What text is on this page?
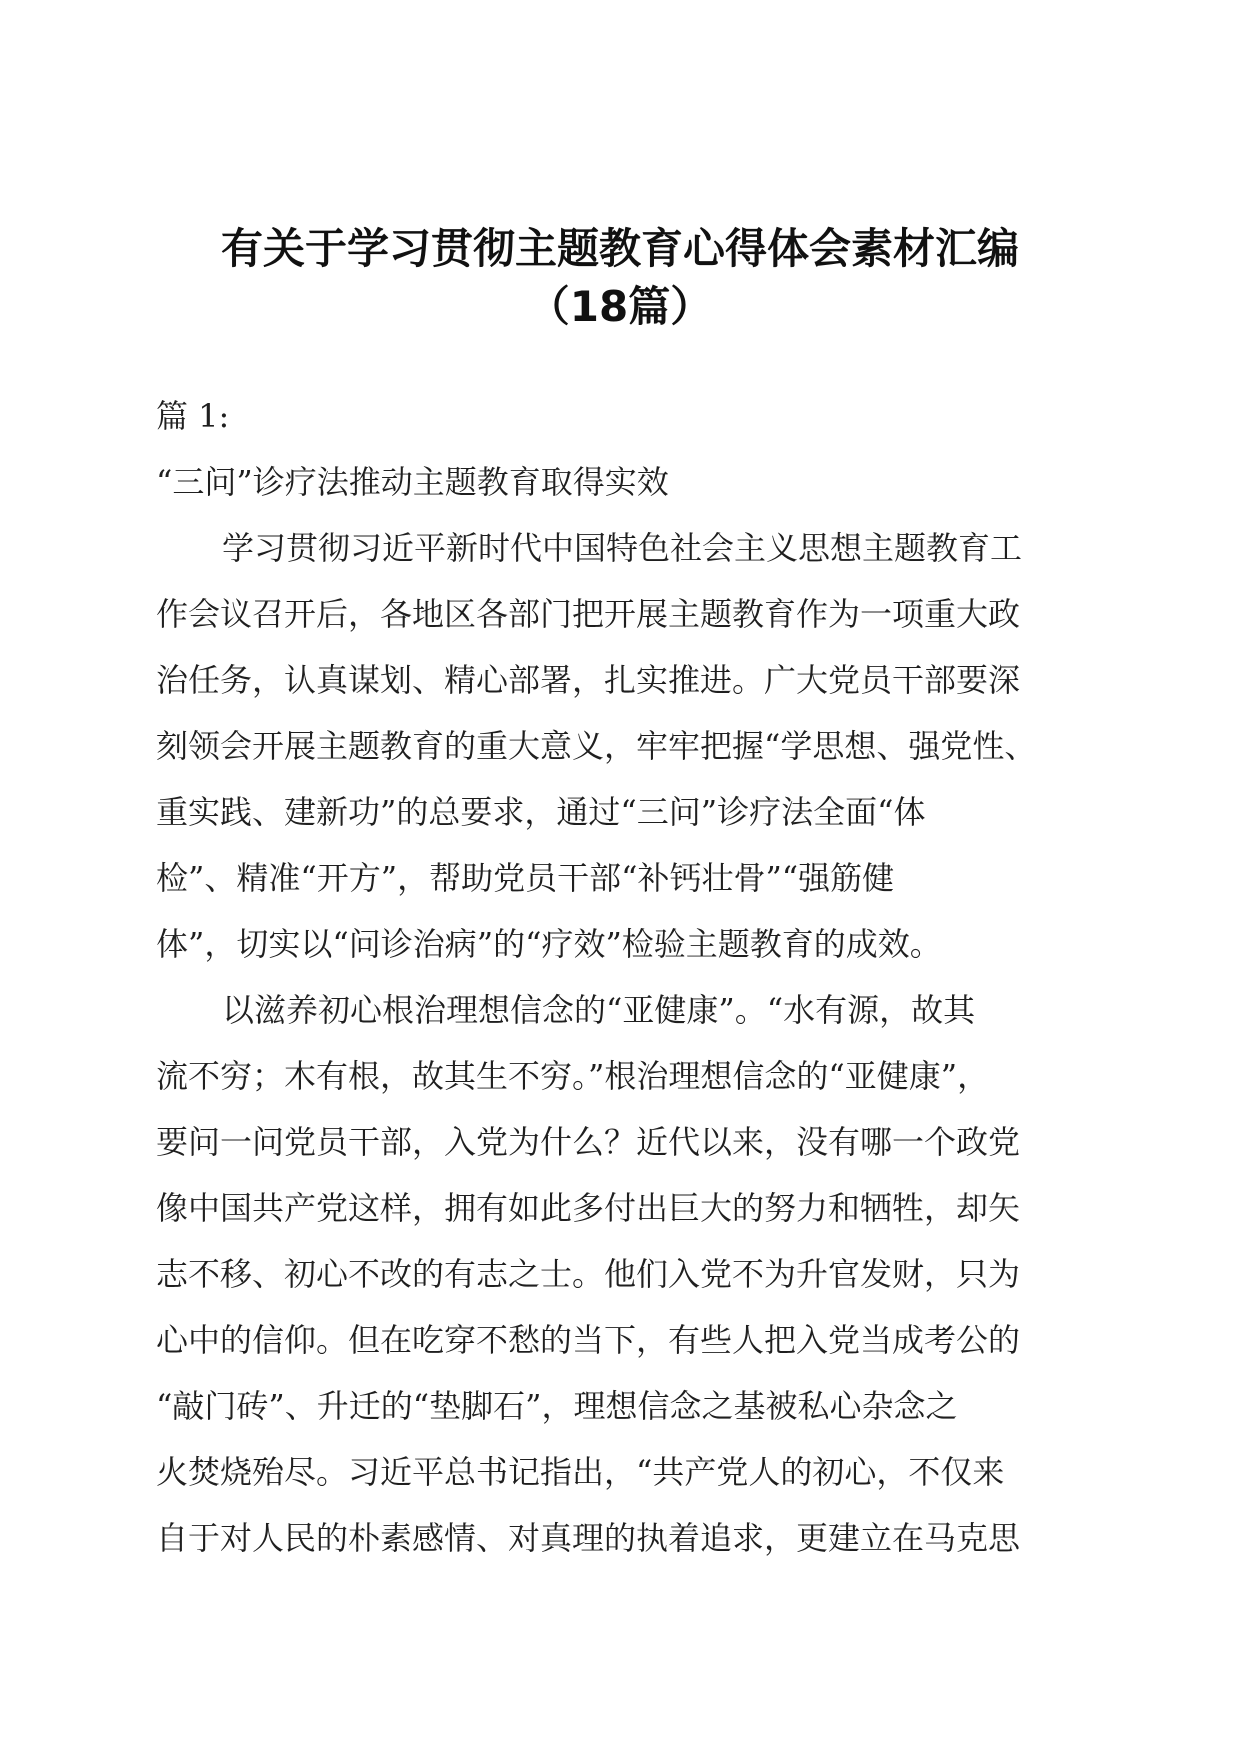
有关于学习贯彻主题教育心得体会素材汇编
（18篇）
篇 1:
“三问”诊疗法推动主题教育取得实效
学习贯彻习近平新时代中国特色社会主义思想主题教育工
作会议召开后，各地区各部门把开展主题教育作为一项重大政
治任务，认真谋划、精心部署，扎实推进。广大党员干部要深
刻领会开展主题教育的重大意义，牢牢把握“学思想、强党性、
重实践、建新功”的总要求，通过“三问”诊疗法全面“体
检”、精准“开方”，帮助党员干部“补钙壮骨”“强筋健
体”，切实以“问诊治病”的“疗效”检验主题教育的成效。
以滋养初心根治理想信念的“亚健康”。“水有源，故其
流不穷；木有根，故其生不穷。”根治理想信念的“亚健康”，
要问一问党员干部，入党为什么？近代以来，没有哪一个政党
像中国共产党这样，拥有如此多付出巨大的努力和牺牲，却矢
志不移、初心不改的有志之士。他们入党不为升官发财，只为
心中的信仰。但在吃穿不愁的当下，有些人把入党当成考公的
“敲门砖”、升迁的“垫脚石”，理想信念之基被私心杂念之
火焚烧殆尽。习近平总书记指出，“共产党人的初心，不仅来
自于对人民的朴素感情、对真理的执着追求，更建立在马克思
